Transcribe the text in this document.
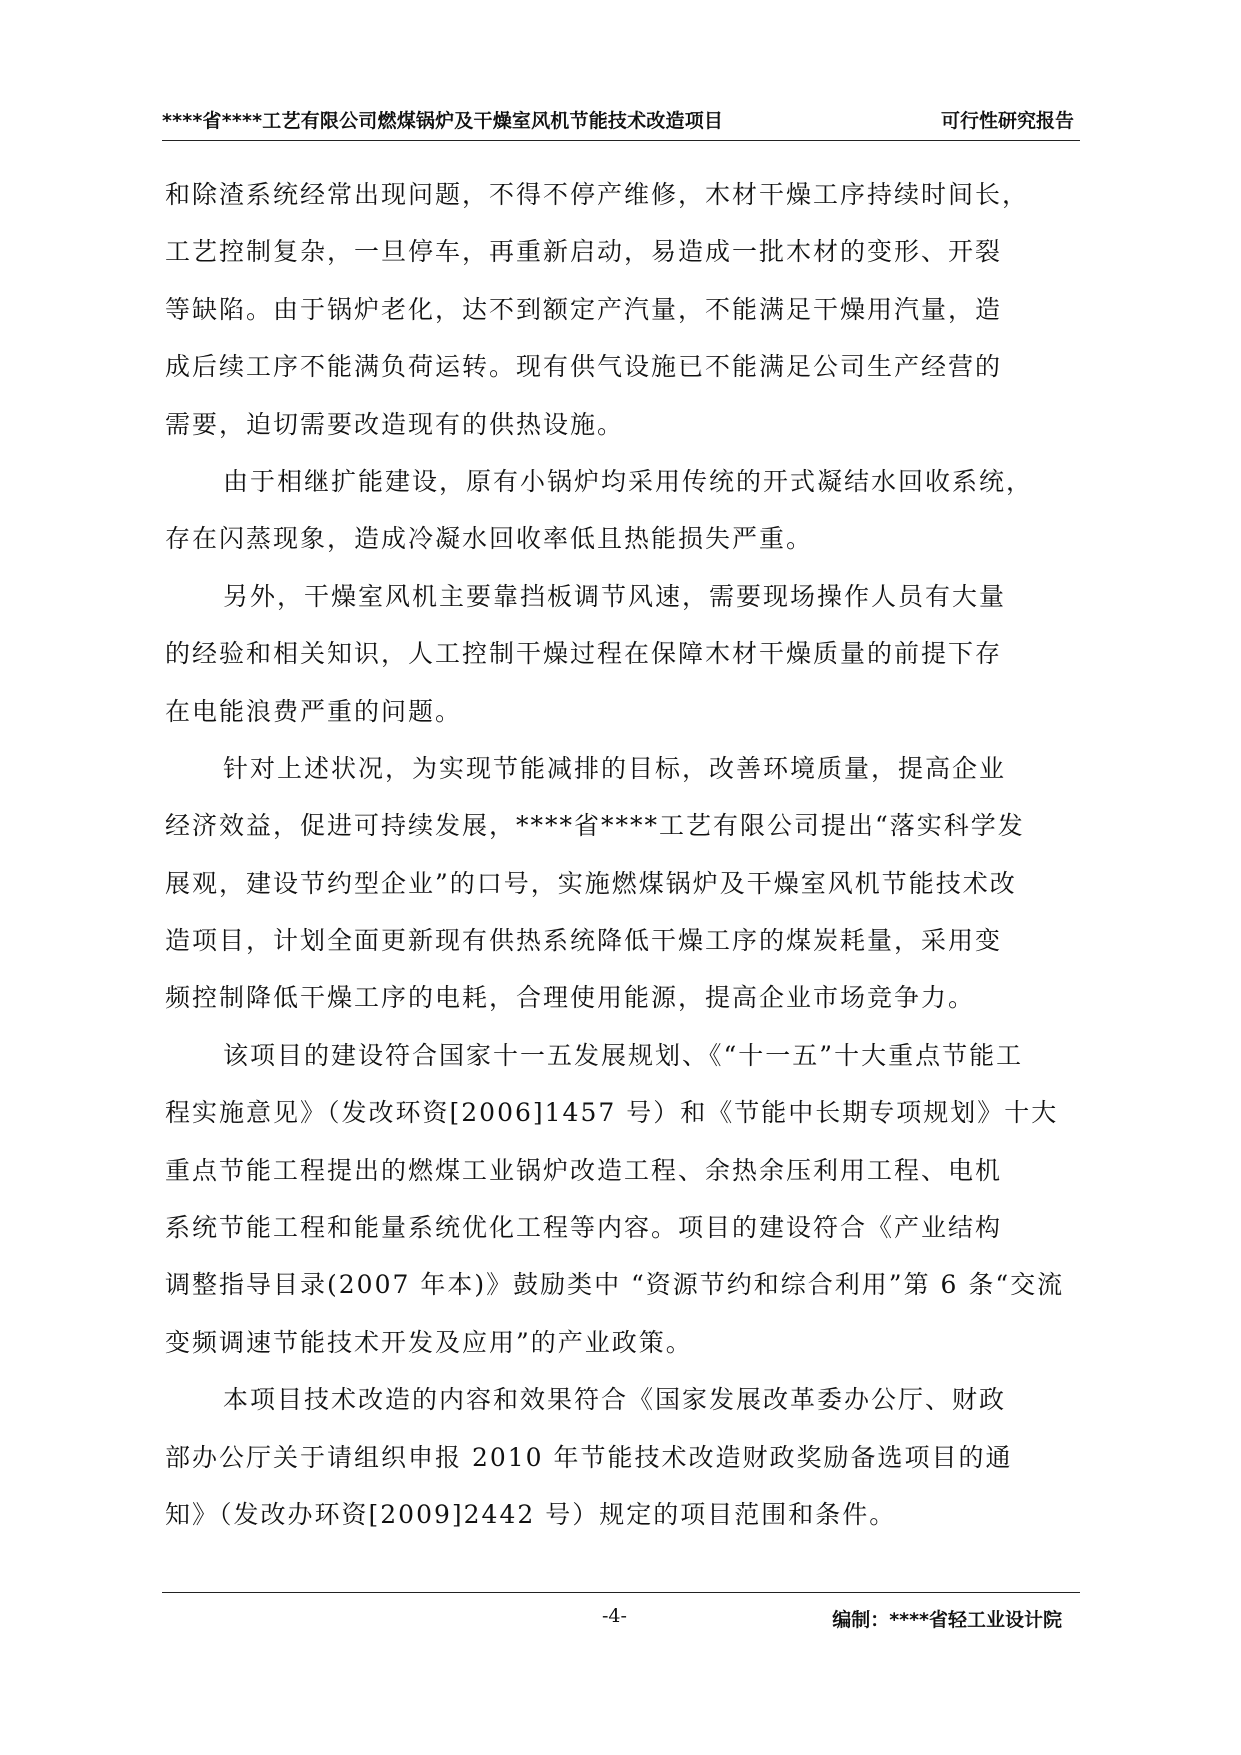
****省****工艺有限公司燃煤锅炉及干燥室风机节能技术改造项目	可行性研究报告
和除渣系统经常出现问题，不得不停产维修，木材干燥工序持续时间长，
工艺控制复杂，一旦停车，再重新启动，易造成一批木材的变形、开裂
等缺陷。由于锅炉老化，达不到额定产汽量，不能满足干燥用汽量，造
成后续工序不能满负荷运转。现有供气设施已不能满足公司生产经营的
需要，迫切需要改造现有的供热设施。
由于相继扩能建设，原有小锅炉均采用传统的开式凝结水回收系统，
存在闪蒸现象，造成冷凝水回收率低且热能损失严重。
另外，干燥室风机主要靠挡板调节风速，需要现场操作人员有大量
的经验和相关知识，人工控制干燥过程在保障木材干燥质量的前提下存
在电能浪费严重的问题。
针对上述状况，为实现节能减排的目标，改善环境质量，提高企业
经济效益，促进可持续发展，****省****工艺有限公司提出“落实科学发
展观，建设节约型企业”的口号，实施燃煤锅炉及干燥室风机节能技术改
造项目，计划全面更新现有供热系统降低干燥工序的煤炭耗量，采用变
频控制降低干燥工序的电耗，合理使用能源，提高企业市场竞争力。
该项目的建设符合国家十一五发展规划、《“十一五”十大重点节能工
程实施意见》（发改环资[2006]1457 号）和《节能中长期专项规划》十大
重点节能工程提出的燃煤工业锅炉改造工程、余热余压利用工程、电机
系统节能工程和能量系统优化工程等内容。项目的建设符合《产业结构
调整指导目录(2007 年本)》鼓励类中 “资源节约和综合利用”第 6 条“交流
变频调速节能技术开发及应用”的产业政策。
本项目技术改造的内容和效果符合《国家发展改革委办公厅、财政
部办公厅关于请组织申报 2010 年节能技术改造财政奖励备选项目的通
知》（发改办环资[2009]2442 号）规定的项目范围和条件。
-4-	编制：****省轻工业设计院
